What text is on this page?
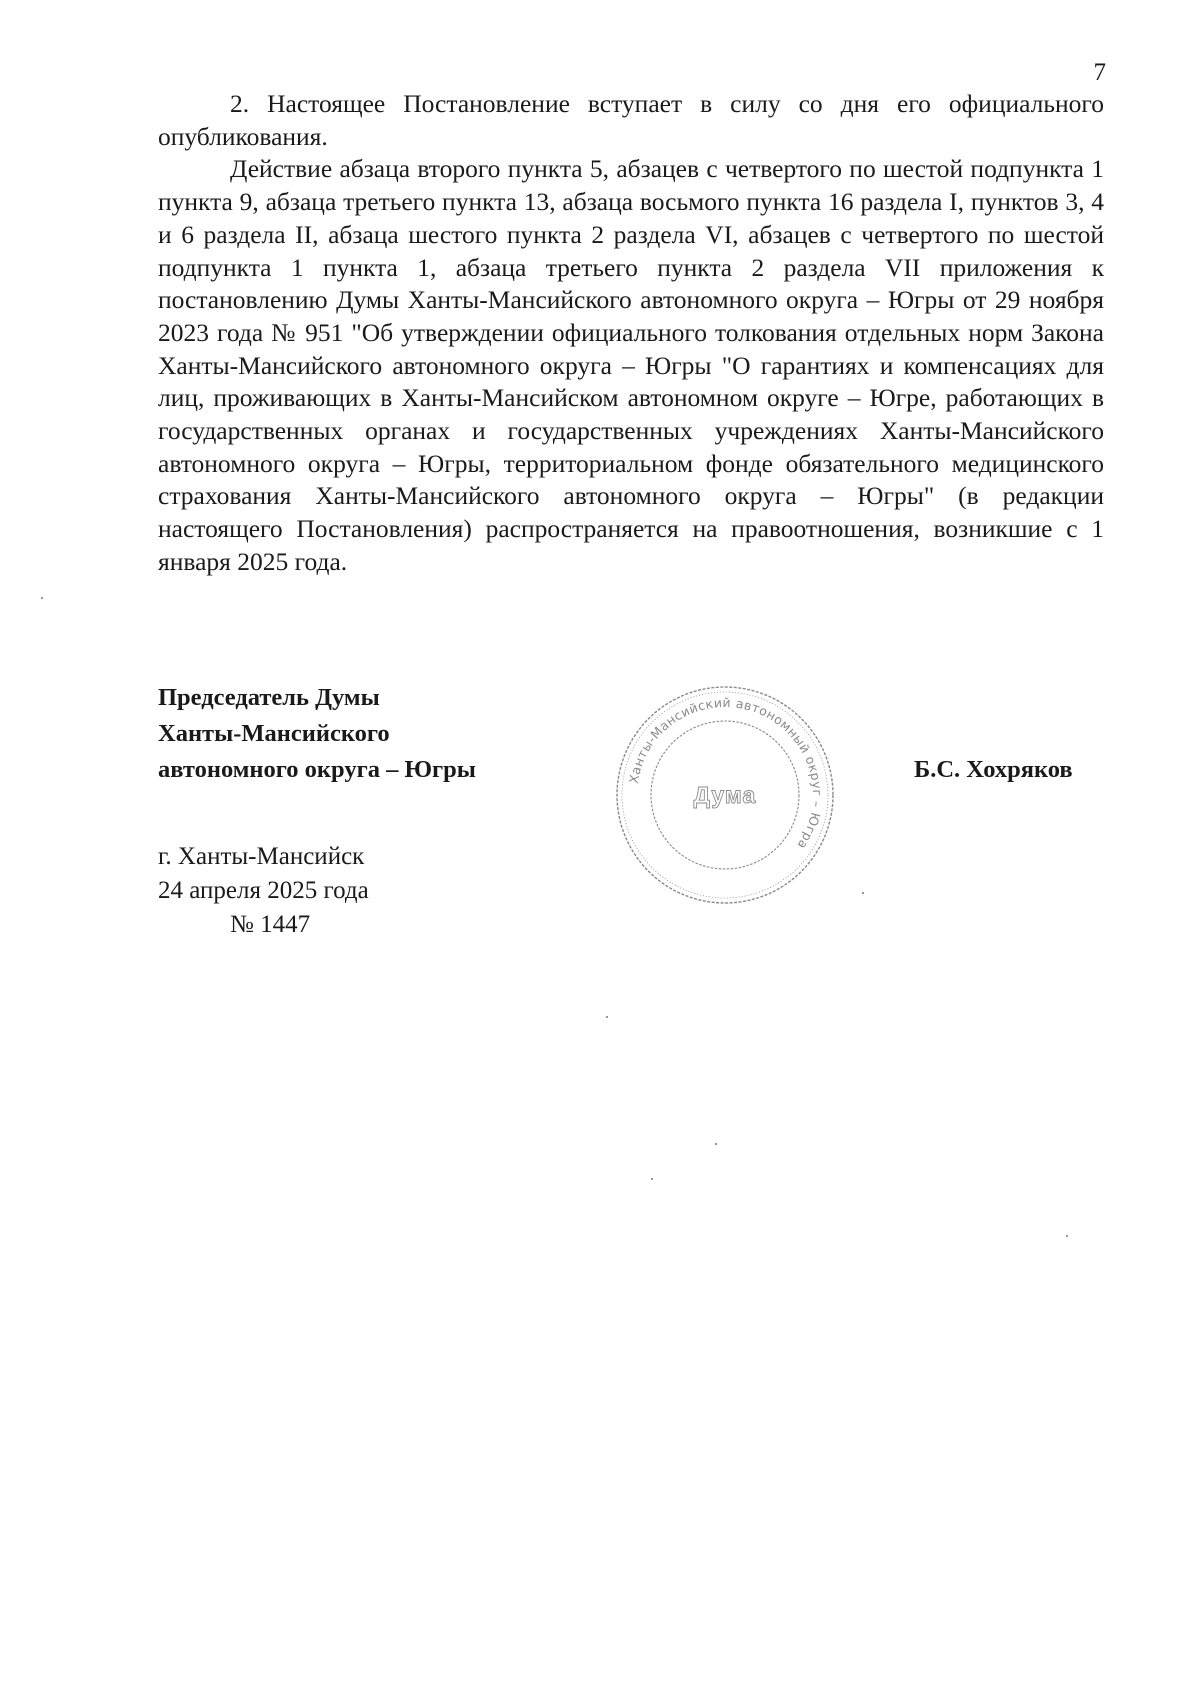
7

2. Настоящее Постановление вступает в силу со дня его официального опубликования.

Действие абзаца второго пункта 5, абзацев с четвертого по шестой подпункта 1 пункта 9, абзаца третьего пункта 13, абзаца восьмого пункта 16 раздела I, пунктов 3, 4 и 6 раздела II, абзаца шестого пункта 2 раздела VI, абзацев с четвертого по шестой подпункта 1 пункта 1, абзаца третьего пункта 2 раздела VII приложения к постановлению Думы Ханты-Мансийского автономного округа – Югры от 29 ноября 2023 года № 951 "Об утверждении официального толкования отдельных норм Закона Ханты-Мансийского автономного округа – Югры "О гарантиях и компенсациях для лиц, проживающих в Ханты-Мансийском автономном округе – Югре, работающих в государственных органах и государственных учреждениях Ханты-Мансийского автономного округа – Югры, территориальном фонде обязательного медицинского страхования Ханты-Мансийского автономного округа – Югры" (в редакции настоящего Постановления) распространяется на правоотношения, возникшие с 1 января 2025 года.

Председатель Думы
Ханты-Мансийского
автономного округа – Югры	Ханты-Мансийский автономный округ – Югра
Дума
Б.С. Хохряков
г. Ханты-Мансийск
24 апреля 2025 года
№ 1447
